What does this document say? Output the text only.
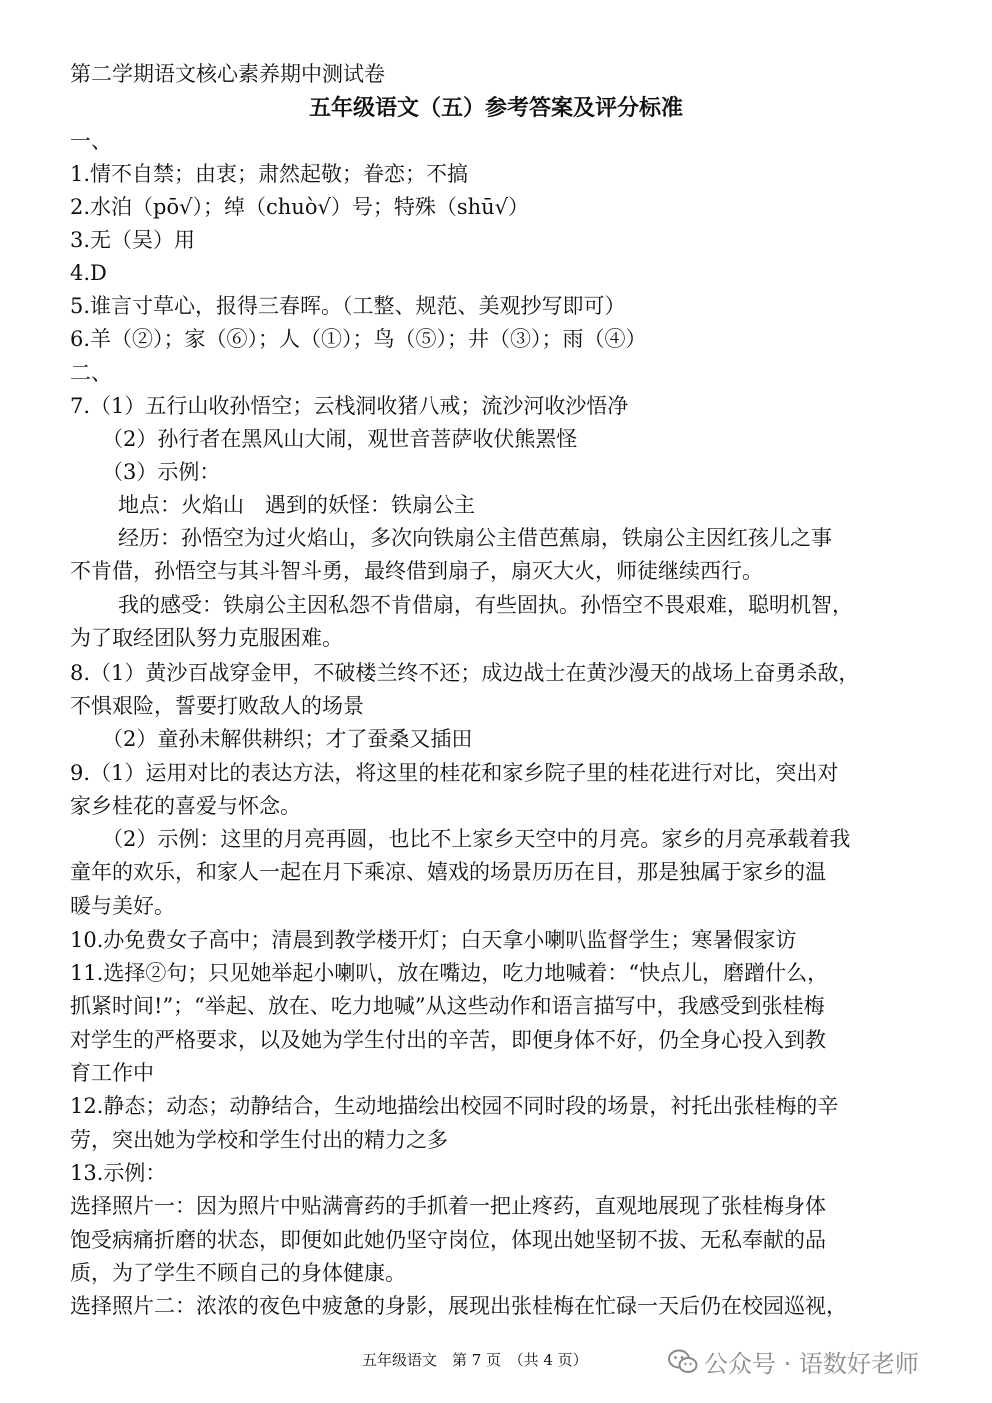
第二学期语文核心素养期中测试卷
五年级语文（五）参考答案及评分标准
一、
1.情不自禁；由衷；肃然起敬；眷恋；不搞
2.水泊（pō√）；绰（chuò√）号；特殊（shū√）
3.无（吴）用
4.D
5.谁言寸草心，报得三春晖。（工整、规范、美观抄写即可）
6.羊（②）；家（⑥）；人（①）；鸟（⑤）；井（③）；雨（④）
二、
7.（1）五行山收孙悟空；云栈洞收猪八戒；流沙河收沙悟净
（2）孙行者在黑风山大闹，观世音菩萨收伏熊罴怪
（3）示例：
地点：火焰山　遇到的妖怪：铁扇公主
经历：孙悟空为过火焰山，多次向铁扇公主借芭蕉扇，铁扇公主因红孩儿之事
不肯借，孙悟空与其斗智斗勇，最终借到扇子，扇灭大火，师徒继续西行。
我的感受：铁扇公主因私怨不肯借扇，有些固执。孙悟空不畏艰难，聪明机智，
为了取经团队努力克服困难。
8.（1）黄沙百战穿金甲，不破楼兰终不还；成边战士在黄沙漫天的战场上奋勇杀敌，
不惧艰险，誓要打败敌人的场景
（2）童孙未解供耕织；才了蚕桑又插田
9.（1）运用对比的表达方法，将这里的桂花和家乡院子里的桂花进行对比，突出对
家乡桂花的喜爱与怀念。
（2）示例：这里的月亮再圆，也比不上家乡天空中的月亮。家乡的月亮承载着我
童年的欢乐，和家人一起在月下乘凉、嬉戏的场景历历在目，那是独属于家乡的温
暖与美好。
10.办免费女子高中；清晨到教学楼开灯；白天拿小喇叭监督学生；寒暑假家访
11.选择②句；只见她举起小喇叭，放在嘴边，吃力地喊着：“快点儿，磨蹭什么，
抓紧时间!”；“举起、放在、吃力地喊”从这些动作和语言描写中，我感受到张桂梅
对学生的严格要求，以及她为学生付出的辛苦，即便身体不好，仍全身心投入到教
育工作中
12.静态；动态；动静结合，生动地描绘出校园不同时段的场景，衬托出张桂梅的辛
劳，突出她为学校和学生付出的精力之多
13.示例：
选择照片一：因为照片中贴满膏药的手抓着一把止疼药，直观地展现了张桂梅身体
饱受病痛折磨的状态，即便如此她仍坚守岗位，体现出她坚韧不拔、无私奉献的品
质，为了学生不顾自己的身体健康。
选择照片二：浓浓的夜色中疲惫的身影，展现出张桂梅在忙碌一天后仍在校园巡视，
五年级语文　第 7 页　（共 4 页）	公众号 · 语数好老师
